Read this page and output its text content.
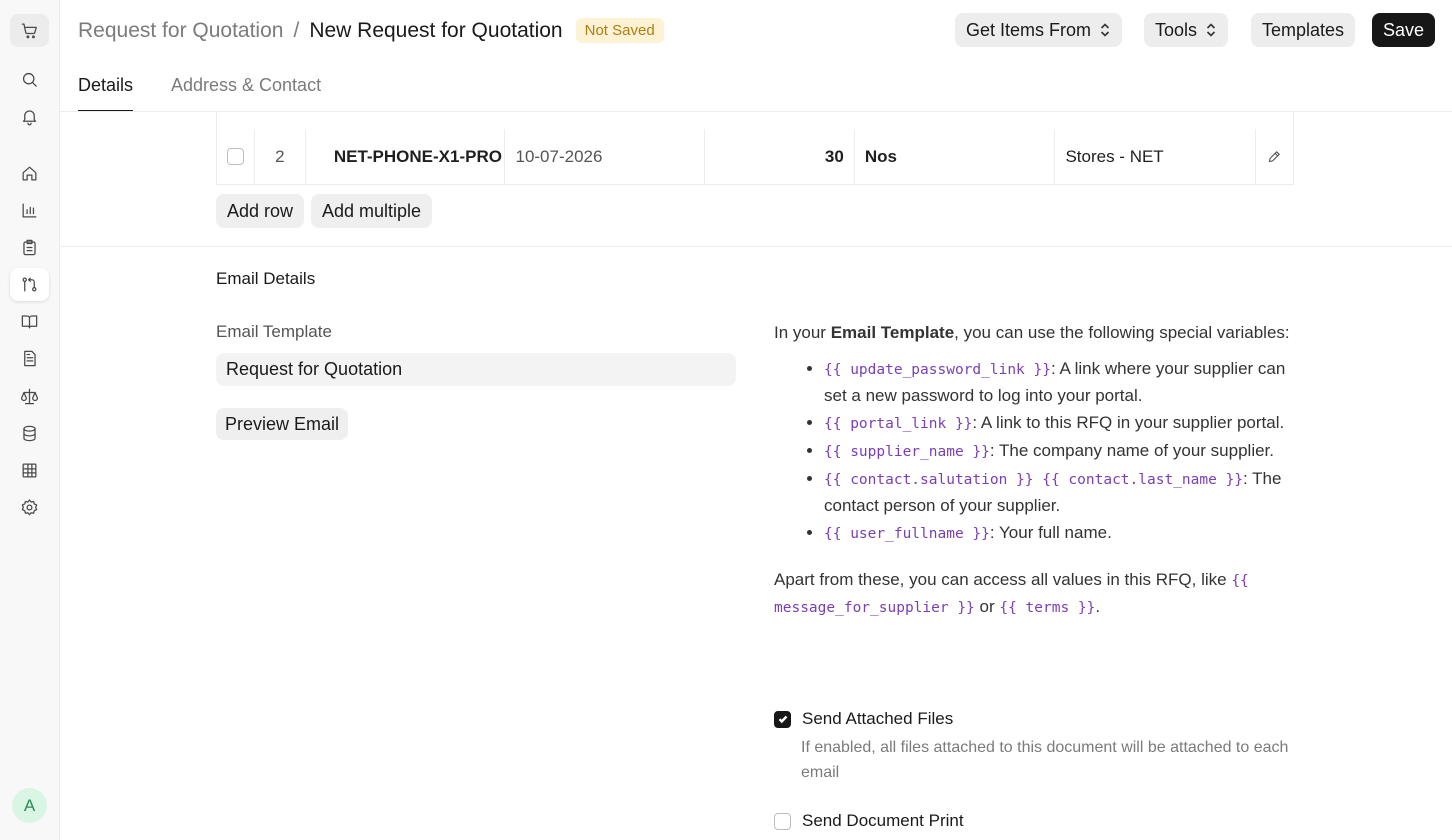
A
Request for Quotation / New Request for Quotation	Not Saved	Get Items From	Tools	Templates	Save
Details Address & Contact
2	NET-PHONE-X1-PRO 10-07-2026	30 Nos	Stores - NET
Add row	Add multiple
Email Details
Email Template
Request for Quotation
Preview Email

In your Email Template, you can use the following special variables:

• {{ update_password_link }}: A link where your supplier can set a new password to log into your portal.
• {{ portal_link }}: A link to this RFQ in your supplier portal.
• {{ supplier_name }}: The company name of your supplier.
• {{ contact.salutation }} {{ contact.last_name }}: The contact person of your supplier.
• {{ user_fullname }}: Your full name.

Apart from these, you can access all values in this RFQ, like {{ message_for_supplier }} or {{ terms }}.

Send Attached Files
If enabled, all files attached to this document will be attached to each email
Send Document Print
